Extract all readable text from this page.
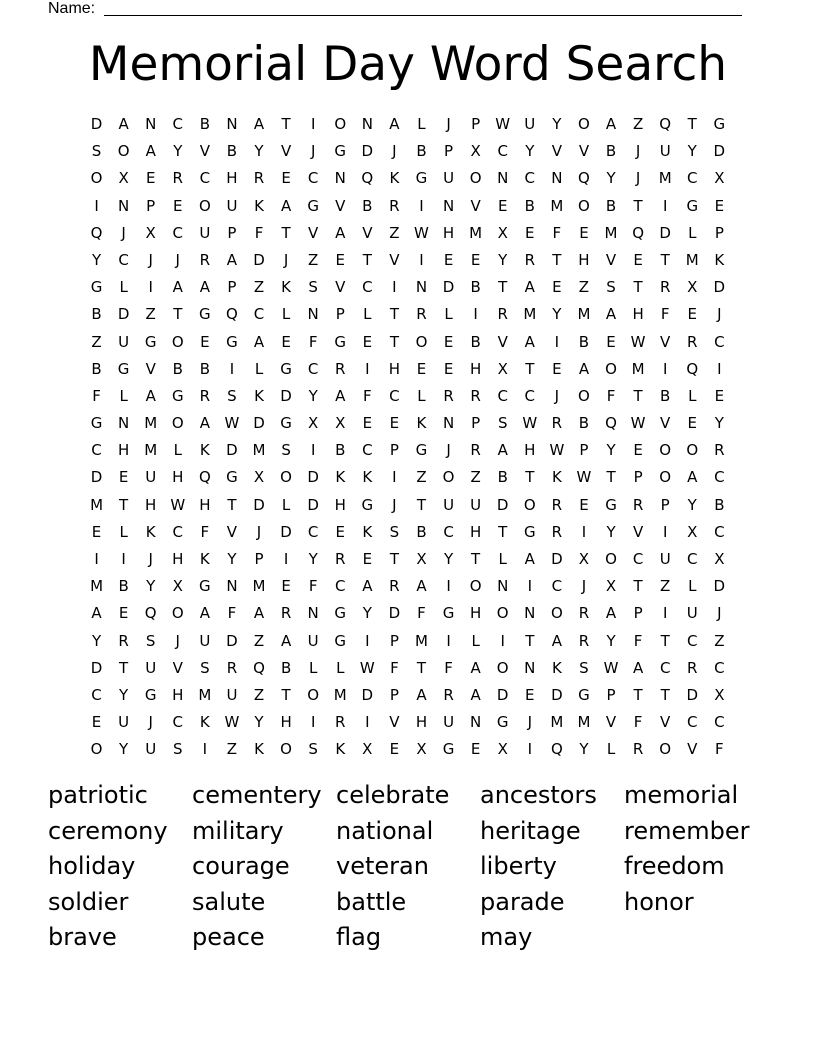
Name:
Memorial Day Word Search
D	A	N	C	B	N	A	T	I	O	N	A	L	J	P	W U	Y	O	A	Z	Q	T	G
S	O	A	Y	V	B	Y	V	J	G	D	J	B	P	X	C	Y	V	V	B	J	U	Y	D
O	X	E	R	C	H	R	E	C	N	Q	K	G	U	O	N	C	N	Q	Y	J	M	C	X
I	N	P	E	O	U	K	A	G	V	B	R	I	N	V	E	B	M O	B	T	I	G	E
Q	J	X	C	U	P	F	T	V	A	V	Z W H M	X	E	F	E	M Q	D	L	P
Y	C	J	J	R	A	D	J	Z	E	T	V	I	E	E	Y	R	T	H	V	E	T	M	K
G	L	I	A	A	P	Z	K	S	V	C	I	N	D	B	T	A	E	Z	S	T	R	X	D
B	D	Z	T	G	Q	C	L	N	P	L	T	R	L	I	R	M	Y	M	A	H	F	E	J
Z	U	G	O	E	G	A	E	F	G	E	T	O	E	B	V	A	I	B	E W V	R	C
B	G	V	B	B	I	L	G	C	R	I	H	E	E	H	X	T	E	A	O M	I	Q	I
F	L	A	G	R	S	K	D	Y	A	F	C	L	R	R	C	C	J	O	F	T	B	L	E
G	N M O	A W D	G	X	X	E	E	K	N	P	S W R	B	Q W V	E	Y
C	H M	L	K	D M	S	I	B	C	P	G	J	R	A	H W	P	Y	E	O	O	R
D	E	U	H	Q	G	X	O	D	K	K	I	Z	O	Z	B	T	K W	T	P	O	A	C
M	T	H W H	T	D	L	D	H	G	J	T	U	U	D	O	R	E	G	R	P	Y	B
E	L	K	C	F	V	J	D	C	E	K	S	B	C	H	T	G	R	I	Y	V	I	X	C
I	I	J	H	K	Y	P	I	Y	R	E	T	X	Y	T	L	A	D	X	O	C	U	C	X
M	B	Y	X	G	N M	E	F	C	A	R	A	I	O	N	I	C	J	X	T	Z	L	D
A	E	Q	O	A	F	A	R	N	G	Y	D	F	G	H	O	N	O	R	A	P	I	U	J
Y	R	S	J	U	D	Z	A	U	G	I	P	M	I	L	I	T	A	R	Y	F	T	C	Z
D	T	U	V	S	R	Q	B	L	L	W	F	T	F	A	O	N	K	S W A	C	R	C
C	Y	G	H M	U	Z	T	O M D	P	A	R	A	D	E	D	G	P	T	T	D	X
E	U	J	C	K W	Y	H	I	R	I	V	H	U	N	G	J	M M	V	F	V	C	C
O	Y	U	S	I	Z	K	O	S	K	X	E	X	G	E	X	I	Q	Y	L	R	O	V	F
patriotic	cementery celebrate	ancestors	memorial
ceremony	military	national	heritage	remember
holiday	courage	veteran	liberty	freedom
soldier	salute	battle	parade	honor
brave	peace	flag	may
